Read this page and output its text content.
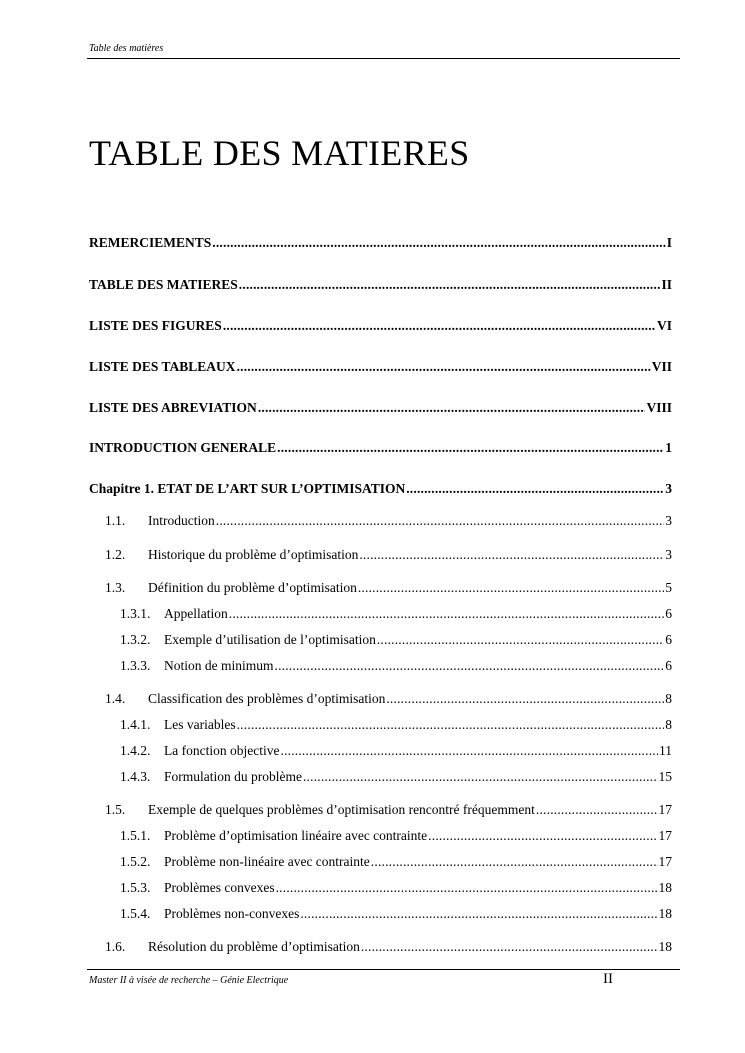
Table des matières
TABLE DES MATIERES
REMERCIEMENTS .....	I
TABLE DES MATIERES .....	II
LISTE DES FIGURES .....	VI
LISTE DES TABLEAUX .....	VII
LISTE DES ABREVIATION .....	VIII
INTRODUCTION GENERALE .....	1
Chapitre 1. ETAT DE L’ART SUR L’OPTIMISATION .....	3
1.1.	Introduction .....	3
1.2.	Historique du problème d’optimisation .....	3
1.3.	Définition du problème d’optimisation .....	5
1.3.1.	Appellation .....	6
1.3.2.	Exemple d’utilisation de l’optimisation .....	6
1.3.3.	Notion de minimum .....	6
1.4.	Classification des problèmes d’optimisation .....	8
1.4.1.	Les variables .....	8
1.4.2.	La fonction objective .....	11
1.4.3.	Formulation du problème .....	15
1.5.	Exemple de quelques problèmes d’optimisation rencontré fréquemment .....	17
1.5.1.	Problème d’optimisation linéaire avec contrainte .....	17
1.5.2.	Problème non-linéaire avec contrainte .....	17
1.5.3.	Problèmes convexes .....	18
1.5.4.	Problèmes non-convexes .....	18
1.6.	Résolution du problème d’optimisation .....	18
Master II à visée de recherche – Génie Electrique	II
